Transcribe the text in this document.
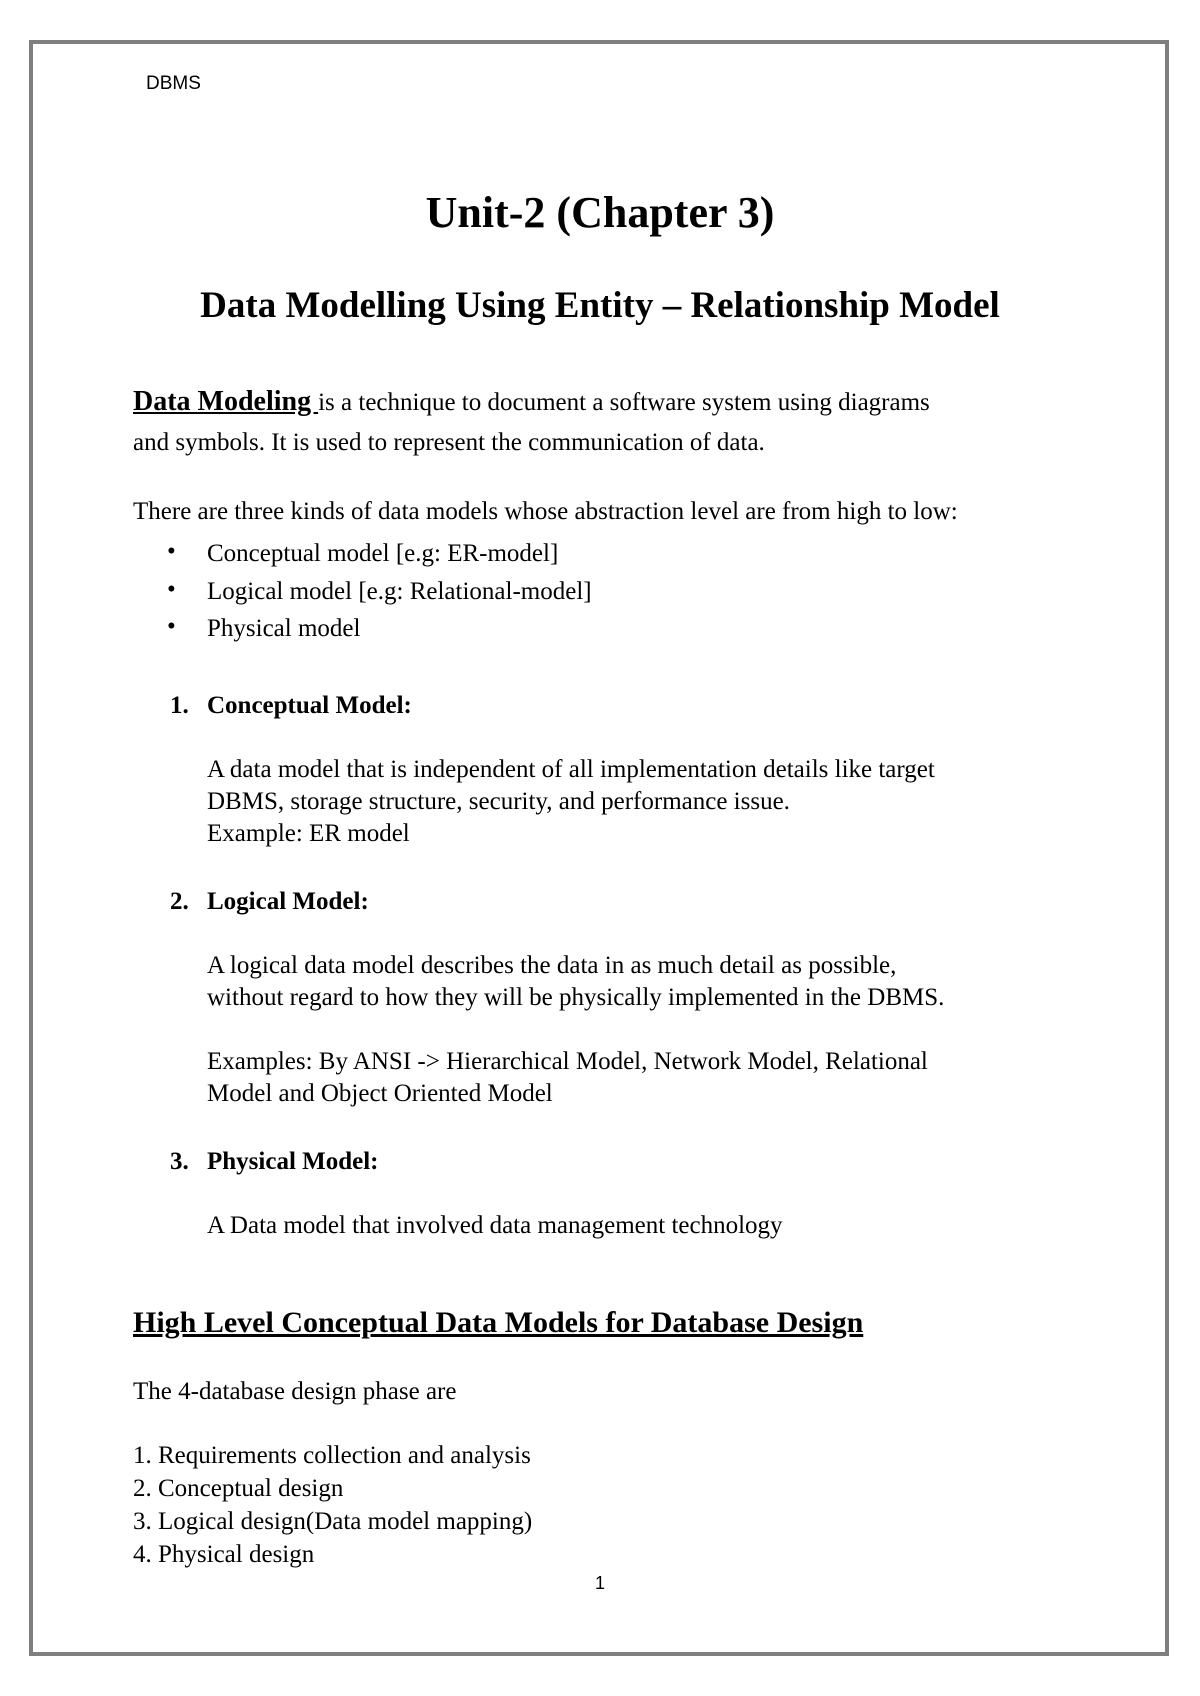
DBMS

Unit-2 (Chapter 3)
Data Modelling Using Entity – Relationship Model

Data Modeling is a technique to document a software system using diagrams

and symbols. It is used to represent the communication of data.

There are three kinds of data models whose abstraction level are from high to low:

• Conceptual model [e.g: ER-model]

• Logical model [e.g: Relational-model]

• Physical model

1. Conceptual Model:

A data model that is independent of all implementation details like target

DBMS, storage structure, security, and performance issue.

Example: ER model

2. Logical Model:

A logical data model describes the data in as much detail as possible,

without regard to how they will be physically implemented in the DBMS.

Examples: By ANSI -> Hierarchical Model, Network Model, Relational

Model and Object Oriented Model

3. Physical Model:

A Data model that involved data management technology

High Level Conceptual Data Models for Database Design

The 4-database design phase are

1. Requirements collection and analysis

2. Conceptual design

3. Logical design(Data model mapping)

4. Physical design

1
